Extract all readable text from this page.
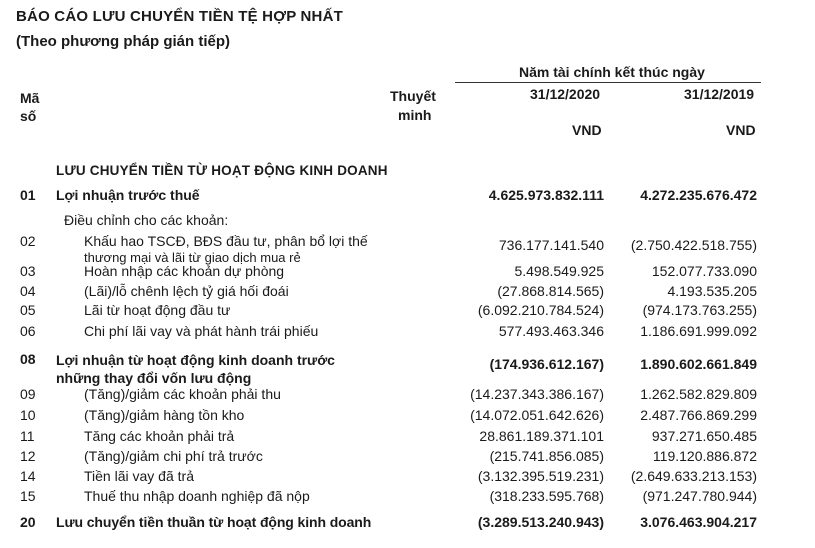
BÁO CÁO LƯU CHUYỂN TIỀN TỆ HỢP NHẤT
(Theo phương pháp gián tiếp)
Mã
số
Thuyết
minh
Năm tài chính kết thúc ngày
31/12/2020	31/12/2019
VND	VND
LƯU CHUYỂN TIỀN TỪ HOẠT ĐỘNG KINH DOANH
01 Lợi nhuận trước thuế	4.625.973.832.111	4.272.235.676.472
Điều chỉnh cho các khoản:
02	Khấu hao TSCĐ, BĐS đầu tư, phân bổ lợi thế
thương mại và lãi từ giao dịch mua rẻ
736.177.141.540 (2.750.422.518.755)
03	Hoàn nhập các khoản dự phòng	5.498.549.925	152.077.733.090
04	(Lãi)/lỗ chênh lệch tỷ giá hối đoái	(27.868.814.565)	4.193.535.205
05	Lãi từ hoạt động đầu tư	(6.092.210.784.524)	(974.173.763.255)
06	Chi phí lãi vay và phát hành trái phiếu	577.493.463.346	1.186.691.999.092
08 Lợi nhuận từ hoạt động kinh doanh trước
những thay đổi vốn lưu động
(174.936.612.167)	1.890.602.661.849
09	(Tăng)/giảm các khoản phải thu	(14.237.343.386.167)	1.262.582.829.809
10	(Tăng)/giảm hàng tồn kho	(14.072.051.642.626)	2.487.766.869.299
11	Tăng các khoản phải trả	28.861.189.371.101	937.271.650.485
12	(Tăng)/giảm chi phí trả trước	(215.741.856.085)	119.120.886.872
14	Tiền lãi vay đã trả	(3.132.395.519.231) (2.649.633.213.153)
15	Thuế thu nhập doanh nghiệp đã nộp	(318.233.595.768)	(971.247.780.944)
20 Lưu chuyển tiền thuần từ hoạt động kinh doanh	(3.289.513.240.943)	3.076.463.904.217
